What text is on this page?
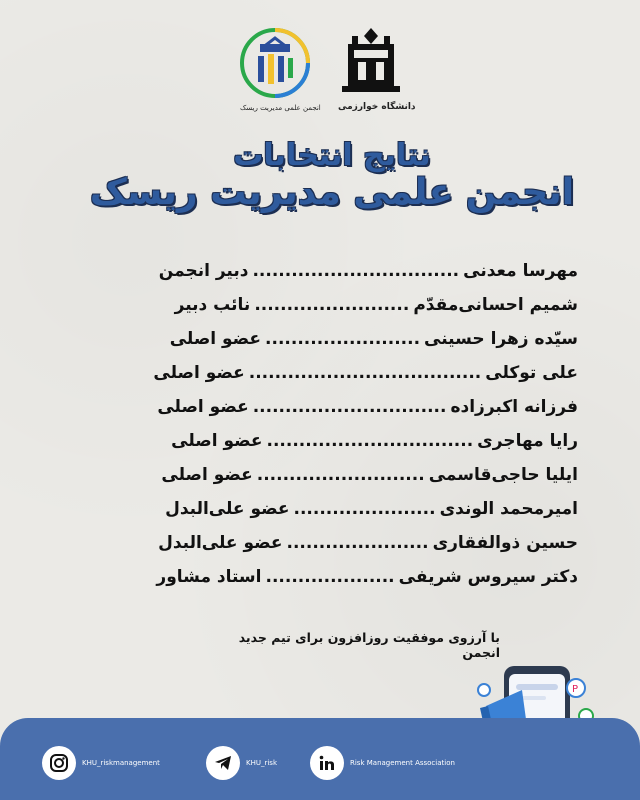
انجمن علمی مدیریت ریسک دانشگاه خوارزمی
نتایج انتخابات
انجمن علمی مدیریت ریسک
مهرسا معدنی
................................
دبیر انجمن
شمیم احسانی‌مقدّم
........................
نائب دبیر
سیّده زهرا حسینی
........................
عضو اصلی
علی توکلی
....................................
عضو اصلی
فرزانه اکبرزاده
..............................
عضو اصلی
رایا مهاجری
................................
عضو اصلی
ایلیا حاجی‌قاسمی
..........................
عضو اصلی
امیرمحمد الوندی
......................
عضو علی‌البدل
حسین ذوالفقاری
......................
عضو علی‌البدل
دکتر سیروس شریفی
....................
استاد مشاور
با آرزوی موفقیت روزافزون برای تیم جدید انجمن
P
KHU_riskmanagement	KHU_risk	Risk Management Association
